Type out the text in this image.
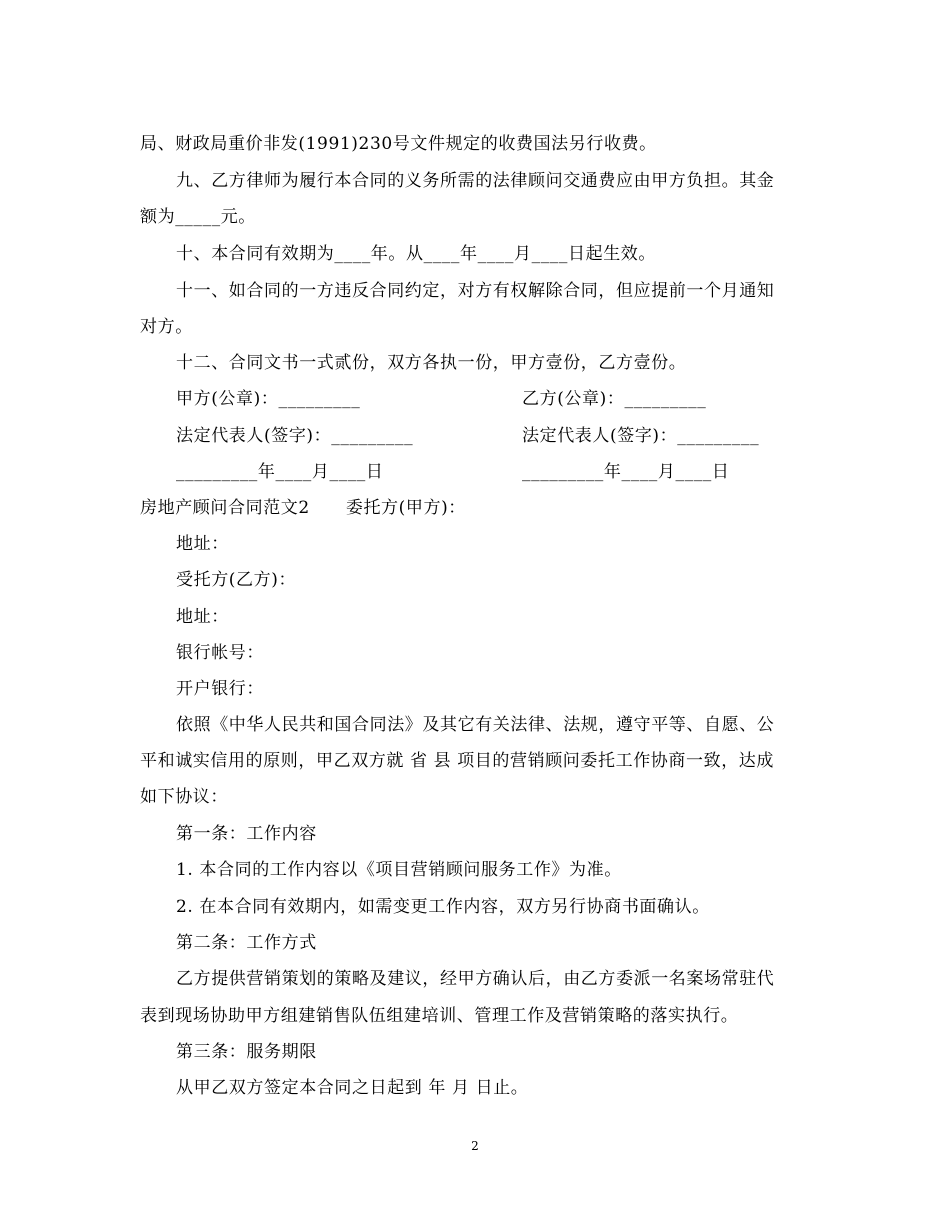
局、财政局重价非发(1991)230号文件规定的收费国法另行收费。
九、乙方律师为履行本合同的义务所需的法律顾问交通费应由甲方负担。其金
额为_____元。
十、本合同有效期为____年。从____年____月____日起生效。
十一、如合同的一方违反合同约定，对方有权解除合同，但应提前一个月通知
对方。
十二、合同文书一式贰份，双方各执一份，甲方壹份，乙方壹份。
甲方(公章)：_________	乙方(公章)：_________
法定代表人(签字)：_________	法定代表人(签字)：_________
_________年____月____日	_________年____月____日
房地产顾问合同范文2      委托方(甲方)：
地址：
受托方(乙方)：
地址：
银行帐号：
开户银行：
依照《中华人民共和国合同法》及其它有关法律、法规，遵守平等、自愿、公
平和诚实信用的原则，甲乙双方就 省 县 项目的营销顾问委托工作协商一致，达成
如下协议：
第一条：工作内容
1. 本合同的工作内容以《项目营销顾问服务工作》为准。
2. 在本合同有效期内，如需变更工作内容，双方另行协商书面确认。
第二条：工作方式
乙方提供营销策划的策略及建议，经甲方确认后，由乙方委派一名案场常驻代
表到现场协助甲方组建销售队伍组建培训、管理工作及营销策略的落实执行。
第三条：服务期限
从甲乙双方签定本合同之日起到 年 月 日止。
2
